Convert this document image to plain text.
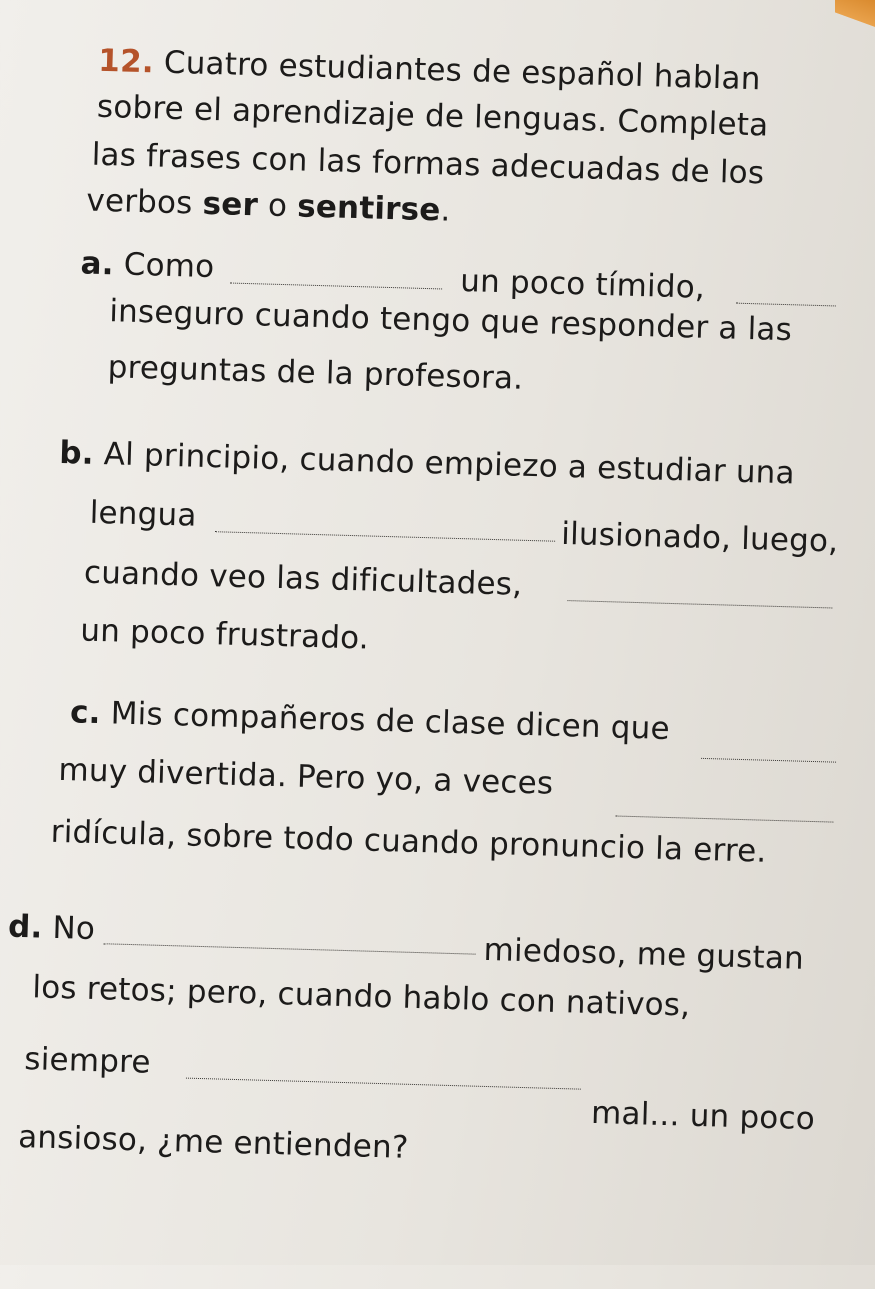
12. Cuatro estudiantes de español hablan
sobre el aprendizaje de lenguas. Completa
las frases con las formas adecuadas de los
verbos ser o sentirse.
a. Como	un poco tímido,
inseguro cuando tengo que responder a las
preguntas de la profesora.
b. Al principio, cuando empiezo a estudiar una
lengua
ilusionado, luego,
cuando veo las dificultades,
un poco frustrado.
c. Mis compañeros de clase dicen que
muy divertida. Pero yo, a veces
ridícula, sobre todo cuando pronuncio la erre.
d. No
miedoso, me gustan
los retos; pero, cuando hablo con nativos,
siempre
mal... un poco
ansioso, ¿me entienden?
